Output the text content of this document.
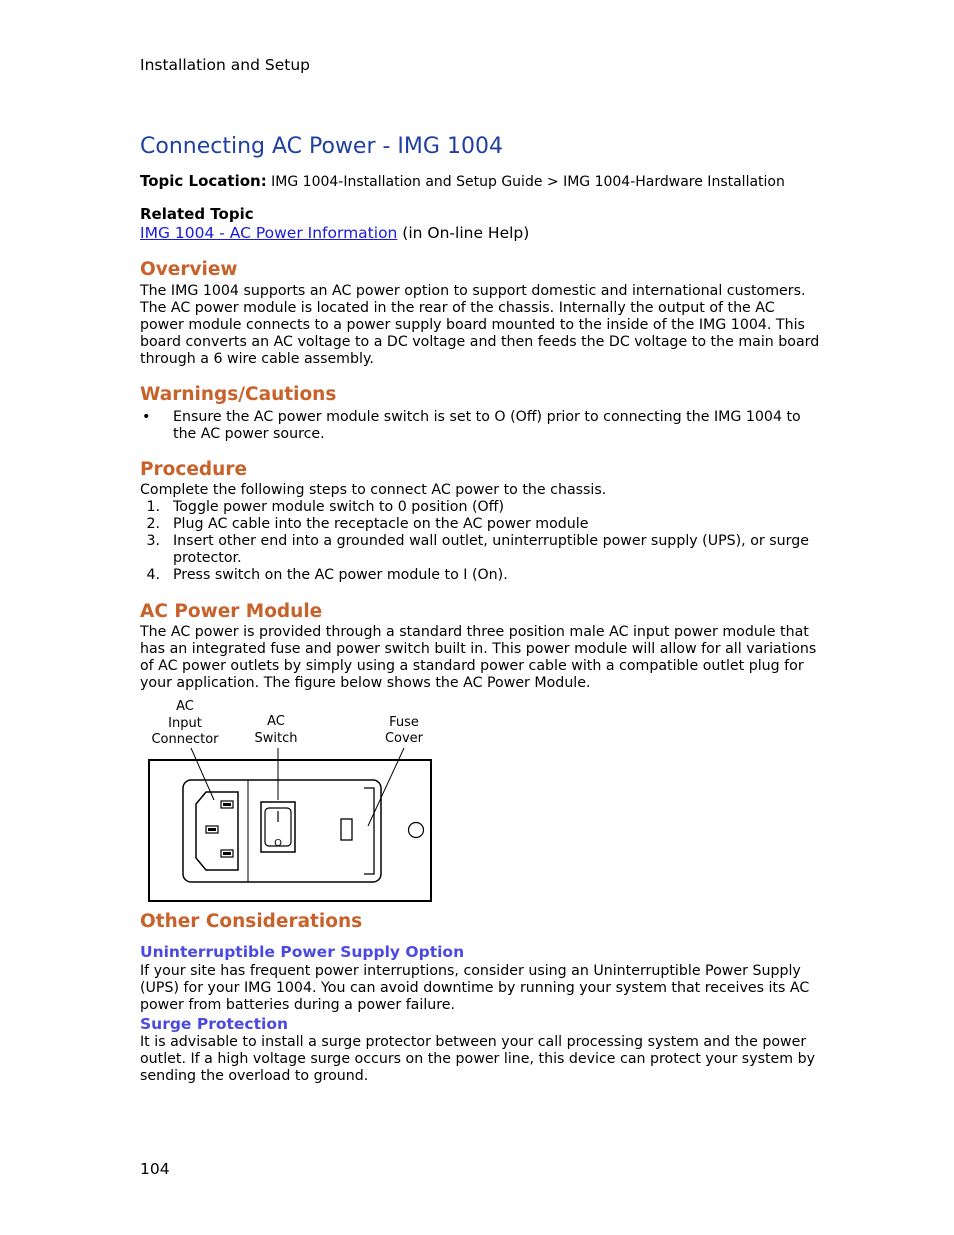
Installation and Setup
Connecting AC Power - IMG 1004
Topic Location: IMG 1004-Installation and Setup Guide > IMG 1004-Hardware Installation
Related Topic
IMG 1004 - AC Power Information (in On-line Help)
Overview

The IMG 1004 supports an AC power option to support domestic and international customers. The AC power module is located in the rear of the chassis. Internally the output of the AC power module connects to a power supply board mounted to the inside of the IMG 1004. This board converts an AC voltage to a DC voltage and then feeds the DC voltage to the main board through a 6 wire cable assembly.

Warnings/Cautions
• Ensure the AC power module switch is set to O (Off) prior to connecting the IMG 1004 to the AC power source.
Procedure

Complete the following steps to connect AC power to the chassis.

1. Toggle power module switch to 0 position (Off)
2. Plug AC cable into the receptacle on the AC power module
3. Insert other end into a grounded wall outlet, uninterruptible power supply (UPS), or surge protector.
4. Press switch on the AC power module to I (On).
AC Power Module

The AC power is provided through a standard three position male AC input power module that has an integrated fuse and power switch built in. This power module will allow for all variations of AC power outlets by simply using a standard power cable with a compatible outlet plug for your application. The figure below shows the AC Power Module.

Other Considerations
Uninterruptible Power Supply Option

If your site has frequent power interruptions, consider using an Uninterruptible Power Supply (UPS) for your IMG 1004. You can avoid downtime by running your system that receives its AC power from batteries during a power failure.

Surge Protection

It is advisable to install a surge protector between your call processing system and the power outlet. If a high voltage surge occurs on the power line, this device can protect your system by sending the overload to ground.

104
AC
Input
Connector
AC
Switch
Fuse
Cover
O
